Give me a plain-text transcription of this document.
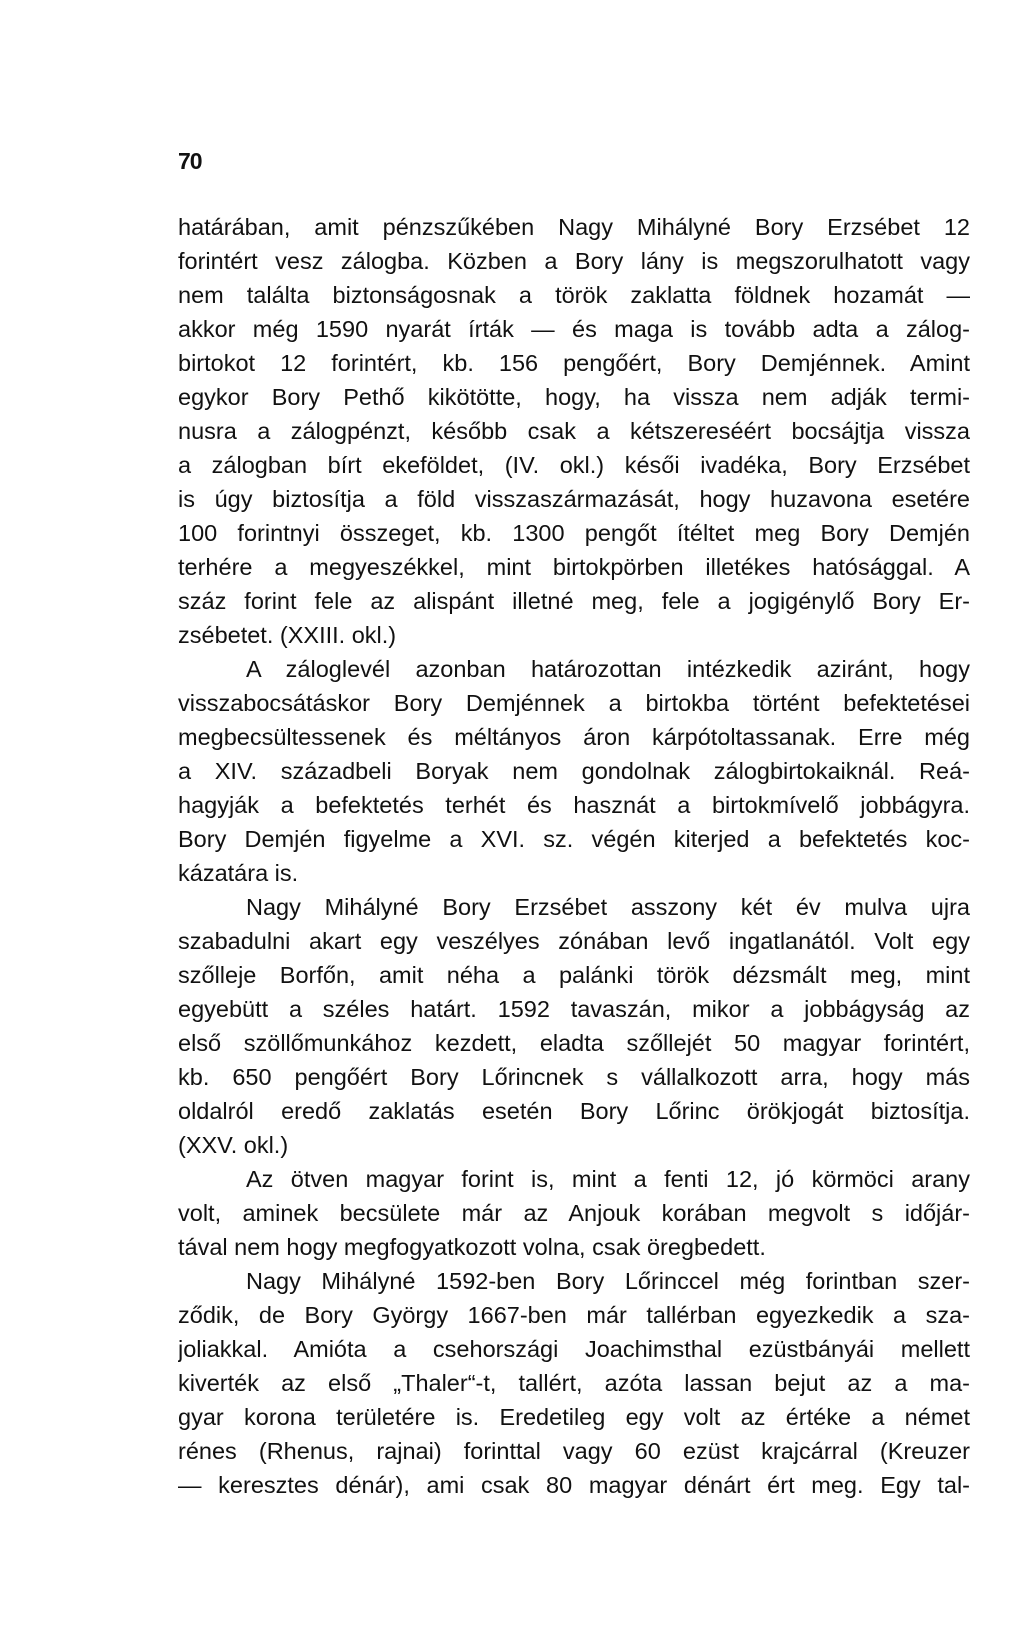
70
határában, amit pénzszűkében Nagy Mihályné Bory Erzsébet 12
forintért vesz zálogba. Közben a Bory lány is megszorulhatott vagy
nem találta biztonságosnak a török zaklatta földnek hozamát —
akkor még 1590 nyarát írták — és maga is tovább adta a zálog-
birtokot 12 forintért, kb. 156 pengőért, Bory Demjénnek. Amint
egykor Bory Pethő kikötötte, hogy, ha vissza nem adják termi-
nusra a zálogpénzt, később csak a kétszereséért bocsájtja vissza
a zálogban bírt ekeföldet, (IV. okl.) késői ivadéka, Bory Erzsébet
is úgy biztosítja a föld visszaszármazását, hogy huzavona esetére
100 forintnyi összeget, kb. 1300 pengőt ítéltet meg Bory Demjén
terhére a megyeszékkel, mint birtokpörben illetékes hatósággal. A
száz forint fele az alispánt illetné meg, fele a jogigénylő Bory Er-
zsébetet. (XXIII. okl.)
A záloglevél azonban határozottan intézkedik aziránt, hogy
visszabocsátáskor Bory Demjénnek a birtokba történt befektetései
megbecsültessenek és méltányos áron kárpótoltassanak. Erre még
a XIV. századbeli Boryak nem gondolnak zálogbirtokaiknál. Reá-
hagyják a befektetés terhét és hasznát a birtokmívelő jobbágyra.
Bory Demjén figyelme a XVI. sz. végén kiterjed a befektetés koc-
kázatára is.
Nagy Mihályné Bory Erzsébet asszony két év mulva ujra
szabadulni akart egy veszélyes zónában levő ingatlanától. Volt egy
szőlleje Borfőn, amit néha a palánki török dézsmált meg, mint
egyebütt a széles határt. 1592 tavaszán, mikor a jobbágyság az
első szöllőmunkához kezdett, eladta szőllejét 50 magyar forintért,
kb. 650 pengőért Bory Lőrincnek s vállalkozott arra, hogy más
oldalról eredő zaklatás esetén Bory Lőrinc örökjogát biztosítja.
(XXV. okl.)
Az ötven magyar forint is, mint a fenti 12, jó körmöci arany
volt, aminek becsülete már az Anjouk korában megvolt s időjár-
tával nem hogy megfogyatkozott volna, csak öregbedett.
Nagy Mihályné 1592-ben Bory Lőrinccel még forintban szer-
ződik, de Bory György 1667-ben már tallérban egyezkedik a sza-
joliakkal. Amióta a csehországi Joachimsthal ezüstbányái mellett
kiverték az első „Thaler“-t, tallért, azóta lassan bejut az a ma-
gyar korona területére is. Eredetileg egy volt az értéke a német
rénes (Rhenus, rajnai) forinttal vagy 60 ezüst krajcárral (Kreuzer
— keresztes dénár), ami csak 80 magyar dénárt ért meg. Egy tal-
